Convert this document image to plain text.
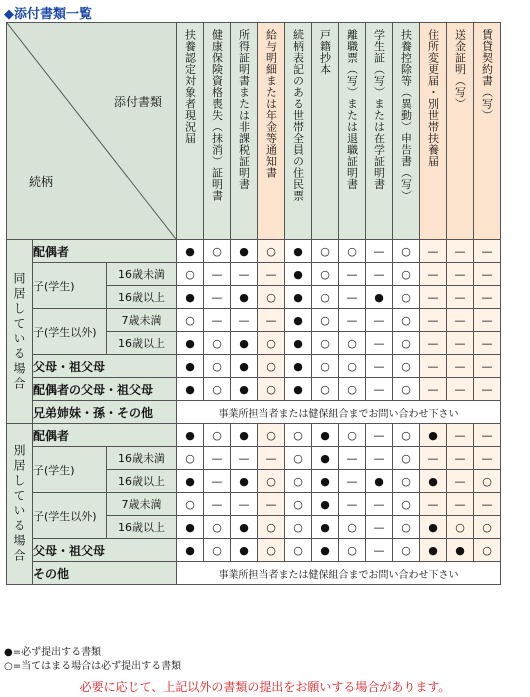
◆添付書類一覧
添付書類
続柄			扶養認定対象者現況届	健康保険資格喪失（抹消）証明書	所得証明書または非課税証明書	給与明細または年金等通知書	続柄表記のある世帯全員の住民票	戸籍抄本	離職票（写）または退職証明書	学生証（写）または在学証明書	扶養控除等（異動）申告書（写）	住所変更届・別世帯扶養届	送金証明（写）	賃貸契約書（写）

同居している場合	配偶者		●	○	●	○	●	○	○	—	○	—	—	—
	子(学生)	16歳未満	○	—	—	—	●	○	—	—	○	—	—	—
		16歳以上	●	—	●	○	●	○	—	●	○	—	—	—
	子(学生以外)	7歳未満	○	—	—	—	●	○	—	—	○	—	—	—
		16歳以上	●	○	●	○	●	○	○	—	○	—	—	—
	父母・祖父母		●	○	●	○	●	○	○	—	○	—	—	—
	配偶者の父母・祖父母		●	○	●	○	●	○	○	—	○	—	—	—
	兄弟姉妹・孫・その他		事業所担当者または健保組合までお問い合わせ下さい											

別居している場合	配偶者		●	○	●	○	○	●	○	—	○	●	—	—
	子(学生)	16歳未満	○	—	—	—	○	●	—	—	○	—	—	—
		16歳以上	●	—	●	○	○	●	—	●	○	●	—	○
	子(学生以外)	7歳未満	○	—	—	—	○	●	—	—	○	—	—	—
		16歳以上	●	○	●	○	○	●	○	—	○	●	○	○
	父母・祖父母		●	○	●	○	○	●	○	—	○	●	●	○
	その他		事業所担当者または健保組合までお問い合わせ下さい											
●=必ず提出する書類
○=当てはまる場合は必ず提出する書類
必要に応じて、上記以外の書類の提出をお願いする場合があります。
